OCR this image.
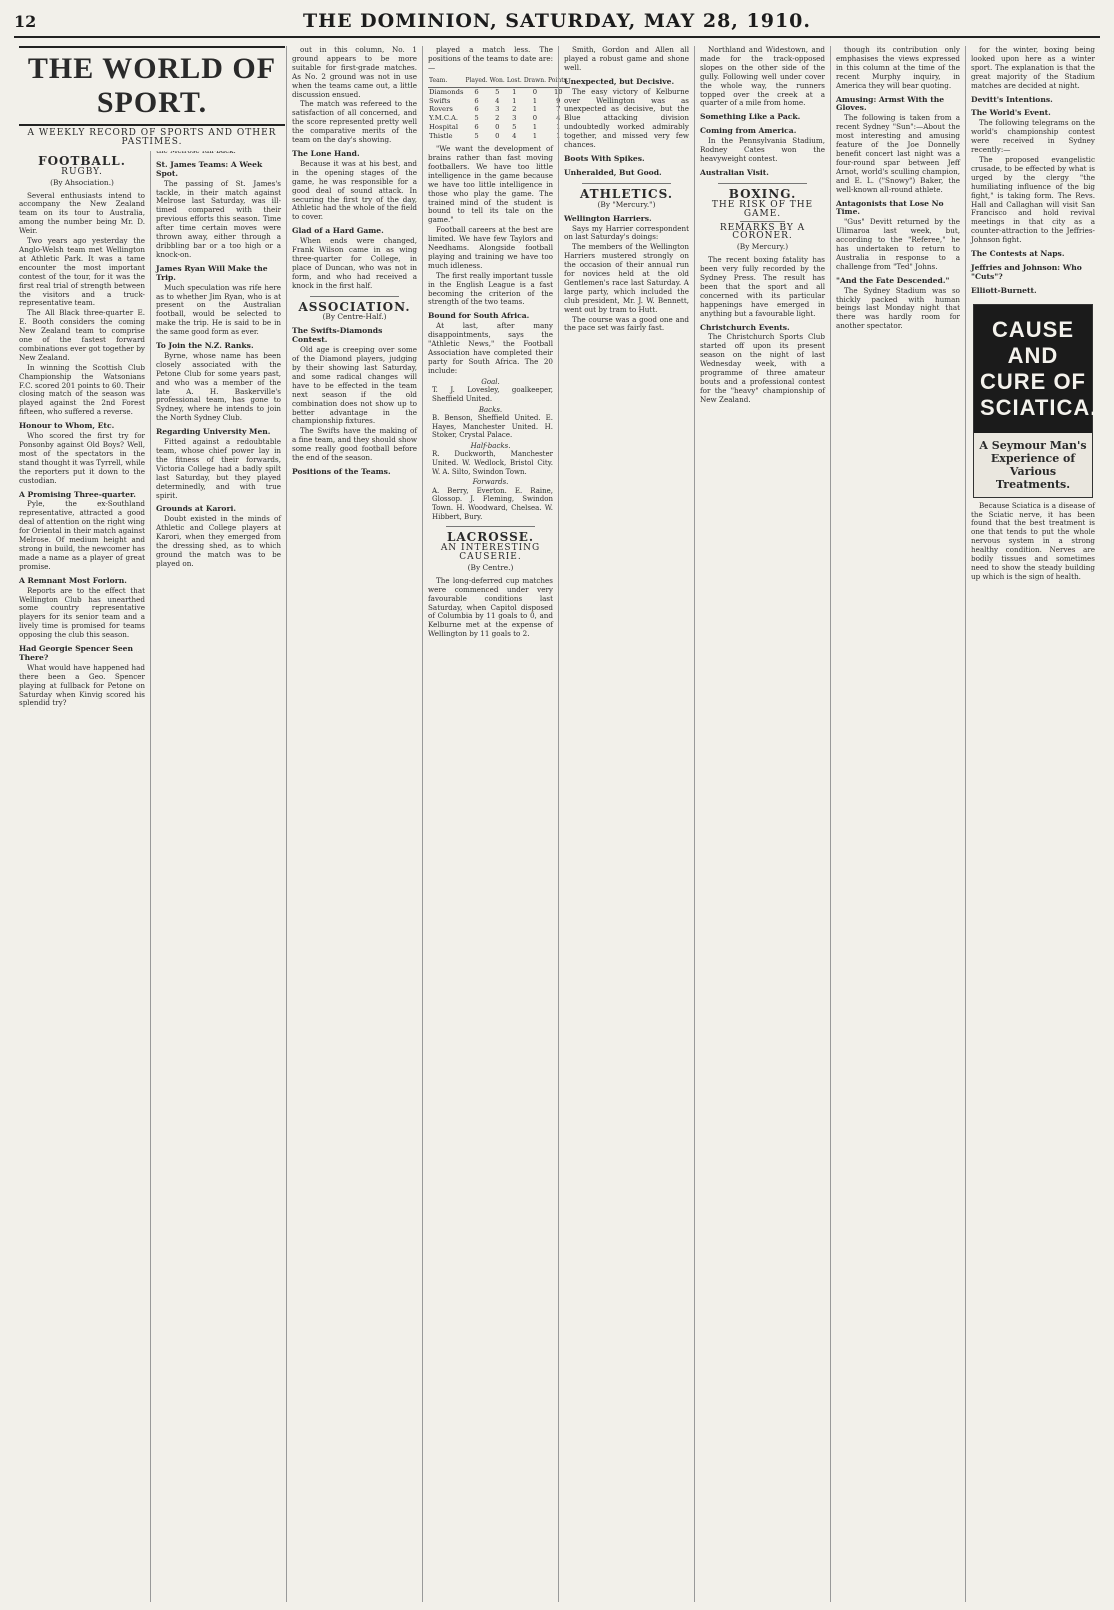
12	THE DOMINION, SATURDAY, MAY 28, 1910.
THE WORLD OF SPORT.
A WEEKLY RECORD OF SPORTS AND OTHER PASTIMES.
FOOTBALL.
RUGBY.
(By Ahsociation.)

Several enthusiasts intend to accompany the New Zealand team on its tour to Australia, among the number being Mr. D. Weir.

Two years ago yesterday the Anglo-Welsh team met Wellington at Athletic Park. It was a tame encounter the most important contest of the tour, for it was the first real trial of strength between the visitors and a truck-representative team.

The All Black three-quarter E. E. Booth considers the coming New Zealand team to comprise one of the fastest forward combinations ever got together by New Zealand.

In winning the Scottish Club Championship the Watsonians F.C. scored 201 points to 60. Their closing match of the season was played against the 2nd Forest fifteen, who suffered a reverse.

Honour to Whom, Etc.

Who scored the first try for Ponsonby against Old Boys? Well, most of the spectators in the stand thought it was Tyrrell, while the reporters put it down to the custodian.

A Promising Three-quarter.

Pyle, the ex-Southland representative, attracted a good deal of attention on the right wing for Oriental in their match against Melrose. Of medium height and strong in build, the newcomer has made a name as a player of great promise.

A Remnant Most Forlorn.

Reports are to the effect that Wellington Club has unearthed some country representative players for its senior team and a lively time is promised for teams opposing the club this season.

Had Georgie Spencer Seen There?

What would have happened had there been a Geo. Spencer playing at fullback for Petone on Saturday when Kinvig scored his splendid try?

St. James Teams: A Week Spot.

The passing of St. James's tackle, in their match against Melrose last Saturday, was ill-timed compared with their previous efforts this season. Time after time certain moves were thrown away, either through a dribbling bar or a too high or a knock-on.

James Ryan Will Make the Trip.

Much speculation was rife here as to whether Jim Ryan, who is at present on the Australian football, would be selected to make the trip. He is said to be in the same good form as ever.

To Join the N.Z. Ranks.

Byrne, whose name has been closely associated with the Petone Club for some years past, and who was a member of the late A. H. Baskerville's professional team, has gone to Sydney, where he intends to join the North Sydney Club.

Regarding University Men.

Fitted against a redoubtable team, whose chief power lay in the fitness of their forwards, Victoria College had a badly spilt last Saturday, but they played determinedly, and with true spirit.

Grounds at Karori.

Doubt existed in the minds of Athletic and College players at Karori, when they emerged from the dressing shed, as to which ground the match was to be played on.

out in this column, No. 1 ground appears to be more suitable for first-grade matches. As No. 2 ground was not in use when the teams came out, a little discussion ensued.

The match was refereed to the satisfaction of all concerned, and the score represented pretty well the comparative merits of the team on the day's showing.

The Lone Hand.

Because it was at his best, and in the opening stages of the game, he was responsible for a good deal of sound attack. In securing the first try of the day, Athletic had the whole of the field to cover.

Glad of a Hard Game.

When ends were changed, Frank Wilson came in as wing three-quarter for College, in place of Duncan, who was not in form, and who had received a knock in the first half.

ASSOCIATION.
(By Centre-Half.)
The Swifts-Diamonds Contest.

Old age is creeping over some of the Diamond players, judging by their showing last Saturday, and some radical changes will have to be effected in the team next season if the old combination does not show up to better advantage in the championship fixtures.

The Swifts have the making of a fine team, and they should show some really good football before the end of the season.

Positions of the Teams.

played a match less. The positions of the teams to date are:—

Team.	Played.	Won.	Lost.	Drawn.	Points.
Diamonds	6	5	1	0	10
Swifts	6	4	1	1	9
Rovers	6	3	2	1	7
Y.M.C.A.	5	2	3	0	4
Hospital	6	0	5	1	1
Thistle	5	0	4	1	1

"We want the development of brains rather than fast moving footballers. We have too little intelligence in the game because we have too little intelligence in those who play the game. The trained mind of the student is bound to tell its tale on the game."

Football careers at the best are limited. We have few Taylors and Needhams. Alongside football playing and training we have too much idleness.

The first really important tussle in the English League is a fast becoming the criterion of the strength of the two teams.

Bound for South Africa.

At last, after many disappointments, says the "Athletic News," the Football Association have completed their party for South Africa. The 20 include:

Goal.
T. J. Lovesley, goalkeeper, Sheffield United.
Backs.
B. Benson, Sheffield United. E. Hayes, Manchester United. H. Stoker, Crystal Palace.
Half-backs.
R. Duckworth, Manchester United. W. Wedlock, Bristol City. W. A. Silto, Swindon Town.
Forwards.
A. Berry, Everton. E. Raine, Glossop. J. Fleming, Swindon Town. H. Woodward, Chelsea. W. Hibbert, Bury.
LACROSSE.
AN INTERESTING CAUSERIE.
(By Centre.)

The long-deferred cup matches were commenced under very favourable conditions last Saturday, when Capitol disposed of Columbia by 11 goals to 0, and Kelburne met at the expense of Wellington by 11 goals to 2.

Smith, Gordon and Allen all played a robust game and shone well.

Unexpected, but Decisive.

The easy victory of Kelburne over Wellington was as unexpected as decisive, but the Blue attacking division undoubtedly worked admirably together, and missed very few chances.

Boots With Spikes.
Unheralded, But Good.
ATHLETICS.
(By "Mercury.")
Wellington Harriers.

Says my Harrier correspondent on last Saturday's doings:

The members of the Wellington Harriers mustered strongly on the occasion of their annual run for novices held at the old Gentlemen's race last Saturday. A large party, which included the club president, Mr. J. W. Bennett, went out by tram to Hutt.

The course was a good one and the pace set was fairly fast.

Northland and Widestown, and made for the track-opposed slopes on the other side of the gully. Following well under cover the whole way, the runners topped over the creek at a quarter of a mile from home.

Something Like a Pack.
Coming from America.

In the Pennsylvania Stadium, Rodney Cates won the heavyweight contest.

Australian Visit.
BOXING.
THE RISK OF THE GAME.
REMARKS BY A CORONER.
(By Mercury.)

The recent boxing fatality has been very fully recorded by the Sydney Press. The result has been that the sport and all concerned with its particular happenings have emerged in anything but a favourable light.

Christchurch Events.

The Christchurch Sports Club started off upon its present season on the night of last Wednesday week, with a programme of three amateur bouts and a professional contest for the "heavy" championship of New Zealand.

though its contribution only emphasises the views expressed in this column at the time of the recent Murphy inquiry, in America they will bear quoting.

Amusing: Armst With the Gloves.

The following is taken from a recent Sydney "Sun":—About the most interesting and amusing feature of the Joe Donnelly benefit concert last night was a four-round spar between Jeff Arnot, world's sculling champion, and E. L. ("Snowy") Baker, the well-known all-round athlete.

Antagonists that Lose No Time.

"Gus" Devitt returned by the Ulimaroa last week, but, according to the "Referee," he has undertaken to return to Australia in response to a challenge from "Ted" Johns.

"And the Fate Descended."

The Sydney Stadium was so thickly packed with human beings last Monday night that there was hardly room for another spectator.

for the winter, boxing being looked upon here as a winter sport. The explanation is that the great majority of the Stadium matches are decided at night.

Devitt's Intentions.
The World's Event.

The following telegrams on the world's championship contest were received in Sydney recently:—

The proposed evangelistic crusade, to be effected by what is urged by the clergy "the humiliating influence of the big fight," is taking form. The Revs. Hall and Callaghan will visit San Francisco and hold revival meetings in that city as a counter-attraction to the Jeffries-Johnson fight.

The Contests at Naps.
Jeffries and Johnson: Who "Cuts"?
Elliott-Burnett.
CAUSE AND CURE OF SCIATICA.
A Seymour Man's Experience of Various Treatments.

Because Sciatica is a disease of the Sciatic nerve, it has been found that the best treatment is one that tends to put the whole nervous system in a strong healthy condition. Nerves are bodily tissues and sometimes need to show the steady building up which is the sign of health.
